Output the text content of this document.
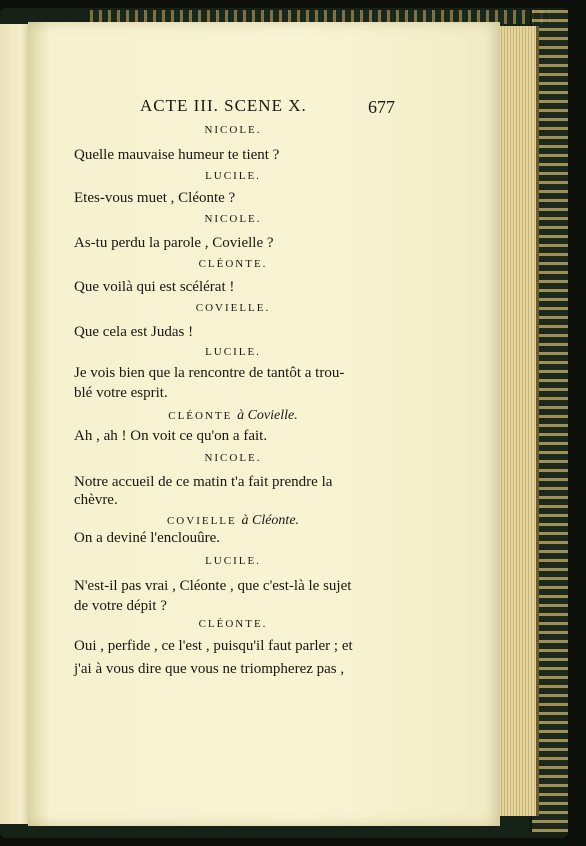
ACTE III. SCENE X.	677
NICOLE.
Quelle mauvaise humeur te tient ?
LUCILE.
Etes-vous muet , Cléonte ?
NICOLE.
As-tu perdu la parole , Covielle ?
CLÉONTE.
Que voilà qui est scélérat !
COVIELLE.
Que cela est Judas !
LUCILE.
Je vois bien que la rencontre de tantôt a trou-
blé votre esprit.
CLÉONTE à Covielle.
Ah , ah ! On voit ce qu'on a fait.
NICOLE.
Notre accueil de ce matin t'a fait prendre la
chèvre.
COVIELLE à Cléonte.
On a deviné l'enclouûre.
LUCILE.
N'est-il pas vrai , Cléonte , que c'est-là le sujet
de votre dépit ?
CLÉONTE.
Oui , perfide , ce l'est , puisqu'il faut parler ; et
j'ai à vous dire que vous ne triompherez pas ,
